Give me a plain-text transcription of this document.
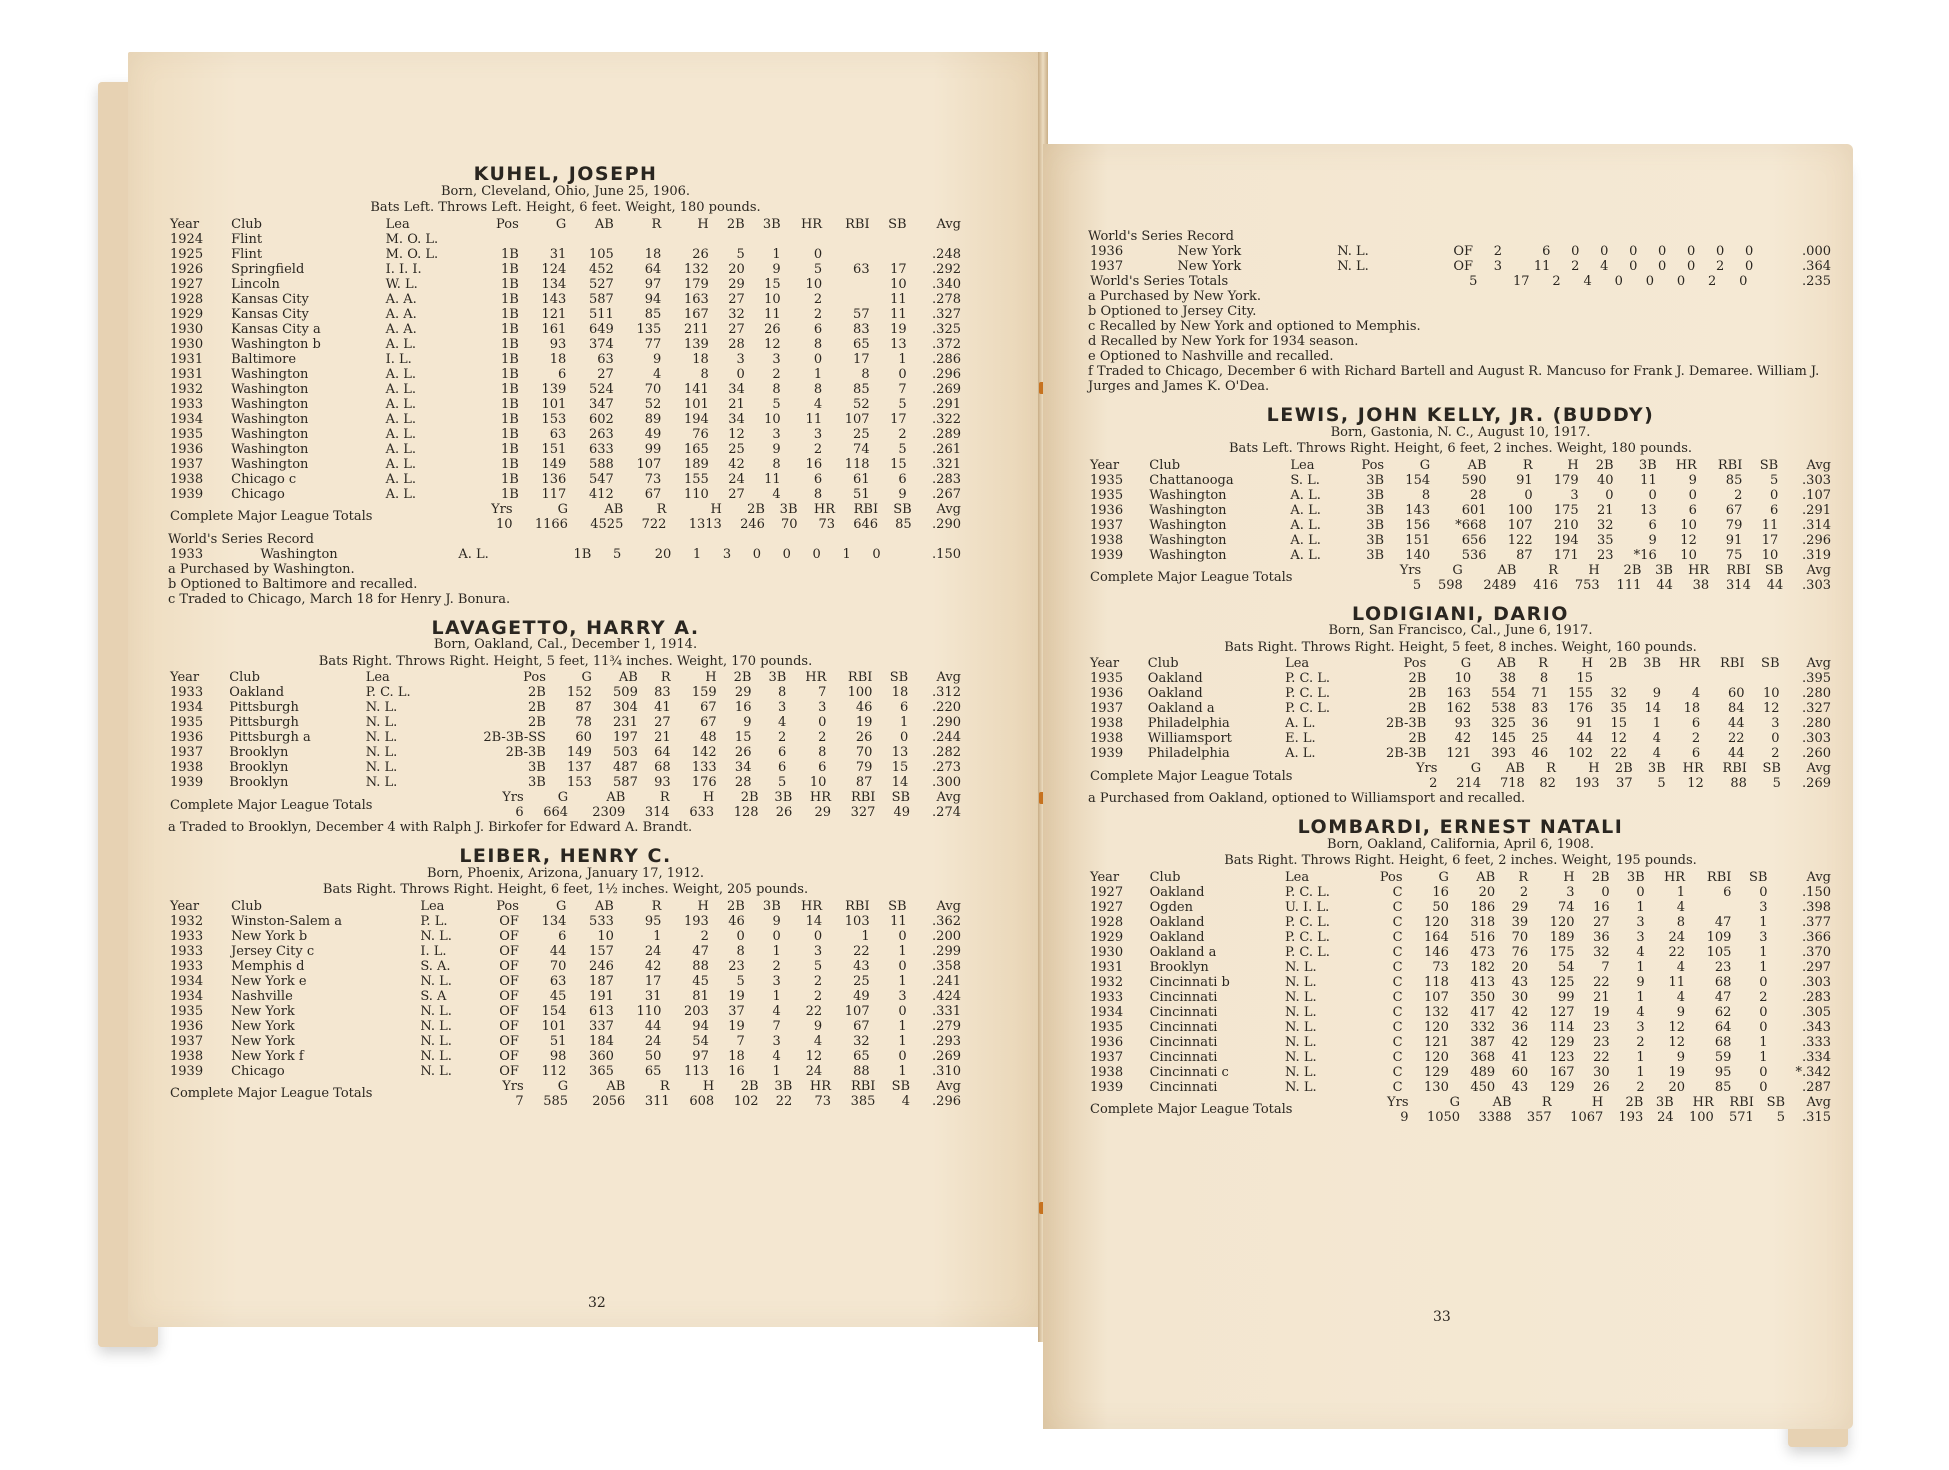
KUHEL, JOSEPH
Born, Cleveland, Ohio, June 25, 1906.
Bats Left. Throws Left. Height, 6 feet. Weight, 180 pounds.
Year	Club	Lea	Pos	G	AB	R	H	2B	3B	HR	RBI	SB	Avg
1924	Flint	M. O. L.											
1925	Flint	M. O. L.	1B	31	105	18	26	5	1	0			.248
1926	Springfield	I. I. I.	1B	124	452	64	132	20	9	5	63	17	.292
1927	Lincoln	W. L.	1B	134	527	97	179	29	15	10		10	.340
1928	Kansas City	A. A.	1B	143	587	94	163	27	10	2		11	.278
1929	Kansas City	A. A.	1B	121	511	85	167	32	11	2	57	11	.327
1930	Kansas City a	A. A.	1B	161	649	135	211	27	26	6	83	19	.325
1930	Washington b	A. L.	1B	93	374	77	139	28	12	8	65	13	.372
1931	Baltimore	I. L.	1B	18	63	9	18	3	3	0	17	1	.286
1931	Washington	A. L.	1B	6	27	4	8	0	2	1	8	0	.296
1932	Washington	A. L.	1B	139	524	70	141	34	8	8	85	7	.269
1933	Washington	A. L.	1B	101	347	52	101	21	5	4	52	5	.291
1934	Washington	A. L.	1B	153	602	89	194	34	10	11	107	17	.322
1935	Washington	A. L.	1B	63	263	49	76	12	3	3	25	2	.289
1936	Washington	A. L.	1B	151	633	99	165	25	9	2	74	5	.261
1937	Washington	A. L.	1B	149	588	107	189	42	8	16	118	15	.321
1938	Chicago c	A. L.	1B	136	547	73	155	24	11	6	61	6	.283
1939	Chicago	A. L.	1B	117	412	67	110	27	4	8	51	9	.267
Complete Major League Totals	Yrs	G	AB	R	H	2B	3B	HR	RBI	SB	Avg
	10	1166	4525	722	1313	246	70	73	646	85	.290
World's Series Record

1933	Washington	A. L.	1B	5	20	1	3	0	0	0	1	0	.150

a Purchased by Washington.

b Optioned to Baltimore and recalled.

c Traded to Chicago, March 18 for Henry J. Bonura.

LAVAGETTO, HARRY A.
Born, Oakland, Cal., December 1, 1914.
Bats Right. Throws Right. Height, 5 feet, 11¾ inches. Weight, 170 pounds.
Year	Club	Lea	Pos	G	AB	R	H	2B	3B	HR	RBI	SB	Avg
1933	Oakland	P. C. L.	2B	152	509	83	159	29	8	7	100	18	.312
1934	Pittsburgh	N. L.	2B	87	304	41	67	16	3	3	46	6	.220
1935	Pittsburgh	N. L.	2B	78	231	27	67	9	4	0	19	1	.290
1936	Pittsburgh a	N. L.	2B-3B-SS	60	197	21	48	15	2	2	26	0	.244
1937	Brooklyn	N. L.	2B-3B	149	503	64	142	26	6	8	70	13	.282
1938	Brooklyn	N. L.	3B	137	487	68	133	34	6	6	79	15	.273
1939	Brooklyn	N. L.	3B	153	587	93	176	28	5	10	87	14	.300
Complete Major League Totals	Yrs	G	AB	R	H	2B	3B	HR	RBI	SB	Avg
	6	664	2309	314	633	128	26	29	327	49	.274

a Traded to Brooklyn, December 4 with Ralph J. Birkofer for Edward A. Brandt.

LEIBER, HENRY C.
Born, Phoenix, Arizona, January 17, 1912.
Bats Right. Throws Right. Height, 6 feet, 1½ inches. Weight, 205 pounds.
Year	Club	Lea	Pos	G	AB	R	H	2B	3B	HR	RBI	SB	Avg
1932	Winston-Salem a	P. L.	OF	134	533	95	193	46	9	14	103	11	.362
1933	New York b	N. L.	OF	6	10	1	2	0	0	0	1	0	.200
1933	Jersey City c	I. L.	OF	44	157	24	47	8	1	3	22	1	.299
1933	Memphis d	S. A.	OF	70	246	42	88	23	2	5	43	0	.358
1934	New York e	N. L.	OF	63	187	17	45	5	3	2	25	1	.241
1934	Nashville	S. A	OF	45	191	31	81	19	1	2	49	3	.424
1935	New York	N. L.	OF	154	613	110	203	37	4	22	107	0	.331
1936	New York	N. L.	OF	101	337	44	94	19	7	9	67	1	.279
1937	New York	N. L.	OF	51	184	24	54	7	3	4	32	1	.293
1938	New York f	N. L.	OF	98	360	50	97	18	4	12	65	0	.269
1939	Chicago	N. L.	OF	112	365	65	113	16	1	24	88	1	.310
Complete Major League Totals	Yrs	G	AB	R	H	2B	3B	HR	RBI	SB	Avg
	7	585	2056	311	608	102	22	73	385	4	.296
32
World's Series Record

1936	New York	N. L.	OF	2	6	0	0	0	0	0	0	0	.000
1937	New York	N. L.	OF	3	11	2	4	0	0	0	2	0	.364
World's Series Totals	5	17	2	4	0	0	0	2	0	.235

a Purchased by New York.

b Optioned to Jersey City.

c Recalled by New York and optioned to Memphis.

d Recalled by New York for 1934 season.

e Optioned to Nashville and recalled.

f Traded to Chicago, December 6 with Richard Bartell and August R. Mancuso for Frank J. Demaree. William J. Jurges and James K. O'Dea.

LEWIS, JOHN KELLY, JR. (BUDDY)
Born, Gastonia, N. C., August 10, 1917.
Bats Left. Throws Right. Height, 6 feet, 2 inches. Weight, 180 pounds.
Year	Club	Lea	Pos	G	AB	R	H	2B	3B	HR	RBI	SB	Avg
1935	Chattanooga	S. L.	3B	154	590	91	179	40	11	9	85	5	.303
1935	Washington	A. L.	3B	8	28	0	3	0	0	0	2	0	.107
1936	Washington	A. L.	3B	143	601	100	175	21	13	6	67	6	.291
1937	Washington	A. L.	3B	156	*668	107	210	32	6	10	79	11	.314
1938	Washington	A. L.	3B	151	656	122	194	35	9	12	91	17	.296
1939	Washington	A. L.	3B	140	536	87	171	23	*16	10	75	10	.319
Complete Major League Totals	Yrs	G	AB	R	H	2B	3B	HR	RBI	SB	Avg
	5	598	2489	416	753	111	44	38	314	44	.303
LODIGIANI, DARIO
Born, San Francisco, Cal., June 6, 1917.
Bats Right. Throws Right. Height, 5 feet, 8 inches. Weight, 160 pounds.
Year	Club	Lea	Pos	G	AB	R	H	2B	3B	HR	RBI	SB	Avg
1935	Oakland	P. C. L.	2B	10	38	8	15						.395
1936	Oakland	P. C. L.	2B	163	554	71	155	32	9	4	60	10	.280
1937	Oakland a	P. C. L.	2B	162	538	83	176	35	14	18	84	12	.327
1938	Philadelphia	A. L.	2B-3B	93	325	36	91	15	1	6	44	3	.280
1938	Williamsport	E. L.	2B	42	145	25	44	12	4	2	22	0	.303
1939	Philadelphia	A. L.	2B-3B	121	393	46	102	22	4	6	44	2	.260
Complete Major League Totals	Yrs	G	AB	R	H	2B	3B	HR	RBI	SB	Avg
	2	214	718	82	193	37	5	12	88	5	.269

a Purchased from Oakland, optioned to Williamsport and recalled.

LOMBARDI, ERNEST NATALI
Born, Oakland, California, April 6, 1908.
Bats Right. Throws Right. Height, 6 feet, 2 inches. Weight, 195 pounds.
Year	Club	Lea	Pos	G	AB	R	H	2B	3B	HR	RBI	SB	Avg
1927	Oakland	P. C. L.	C	16	20	2	3	0	0	1	6	0	.150
1927	Ogden	U. I. L.	C	50	186	29	74	16	1	4		3	.398
1928	Oakland	P. C. L.	C	120	318	39	120	27	3	8	47	1	.377
1929	Oakland	P. C. L.	C	164	516	70	189	36	3	24	109	3	.366
1930	Oakland a	P. C. L.	C	146	473	76	175	32	4	22	105	1	.370
1931	Brooklyn	N. L.	C	73	182	20	54	7	1	4	23	1	.297
1932	Cincinnati b	N. L.	C	118	413	43	125	22	9	11	68	0	.303
1933	Cincinnati	N. L.	C	107	350	30	99	21	1	4	47	2	.283
1934	Cincinnati	N. L.	C	132	417	42	127	19	4	9	62	0	.305
1935	Cincinnati	N. L.	C	120	332	36	114	23	3	12	64	0	.343
1936	Cincinnati	N. L.	C	121	387	42	129	23	2	12	68	1	.333
1937	Cincinnati	N. L.	C	120	368	41	123	22	1	9	59	1	.334
1938	Cincinnati c	N. L.	C	129	489	60	167	30	1	19	95	0	*.342
1939	Cincinnati	N. L.	C	130	450	43	129	26	2	20	85	0	.287
Complete Major League Totals	Yrs	G	AB	R	H	2B	3B	HR	RBI	SB	Avg
	9	1050	3388	357	1067	193	24	100	571	5	.315
33
